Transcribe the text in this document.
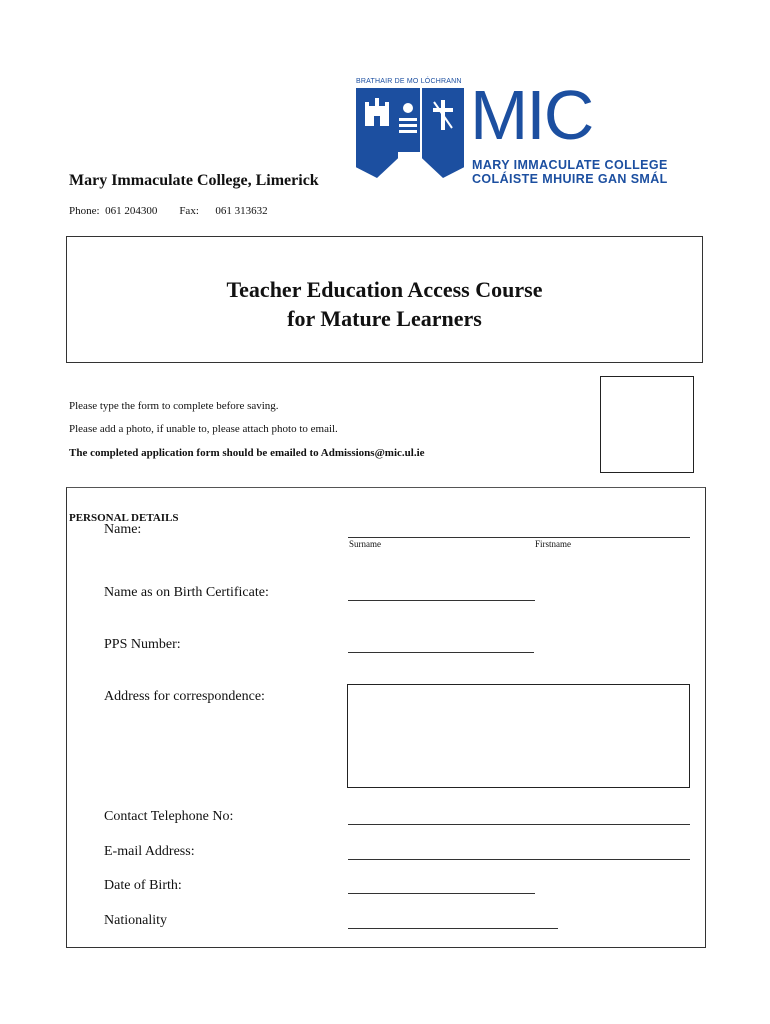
BRATHAIR DE MO LÓCHRANN MIC
MARY IMMACULATE COLLEGE
COLÁISTE MHUIRE GAN SMÁL
Mary Immaculate College, Limerick
Phone: 061 204300 Fax: 061 313632
Teacher Education Access Course
for Mature Learners
Please type the form to complete before saving.
Please add a photo, if unable to, please attach photo to email.
The completed application form should be emailed to Admissions@mic.ul.ie
PERSONAL DETAILS
Name:
Surname	Firstname
Name as on Birth Certificate:
PPS Number:
Address for correspondence:
Contact Telephone No:
E-mail Address:
Date of Birth:
Nationality
